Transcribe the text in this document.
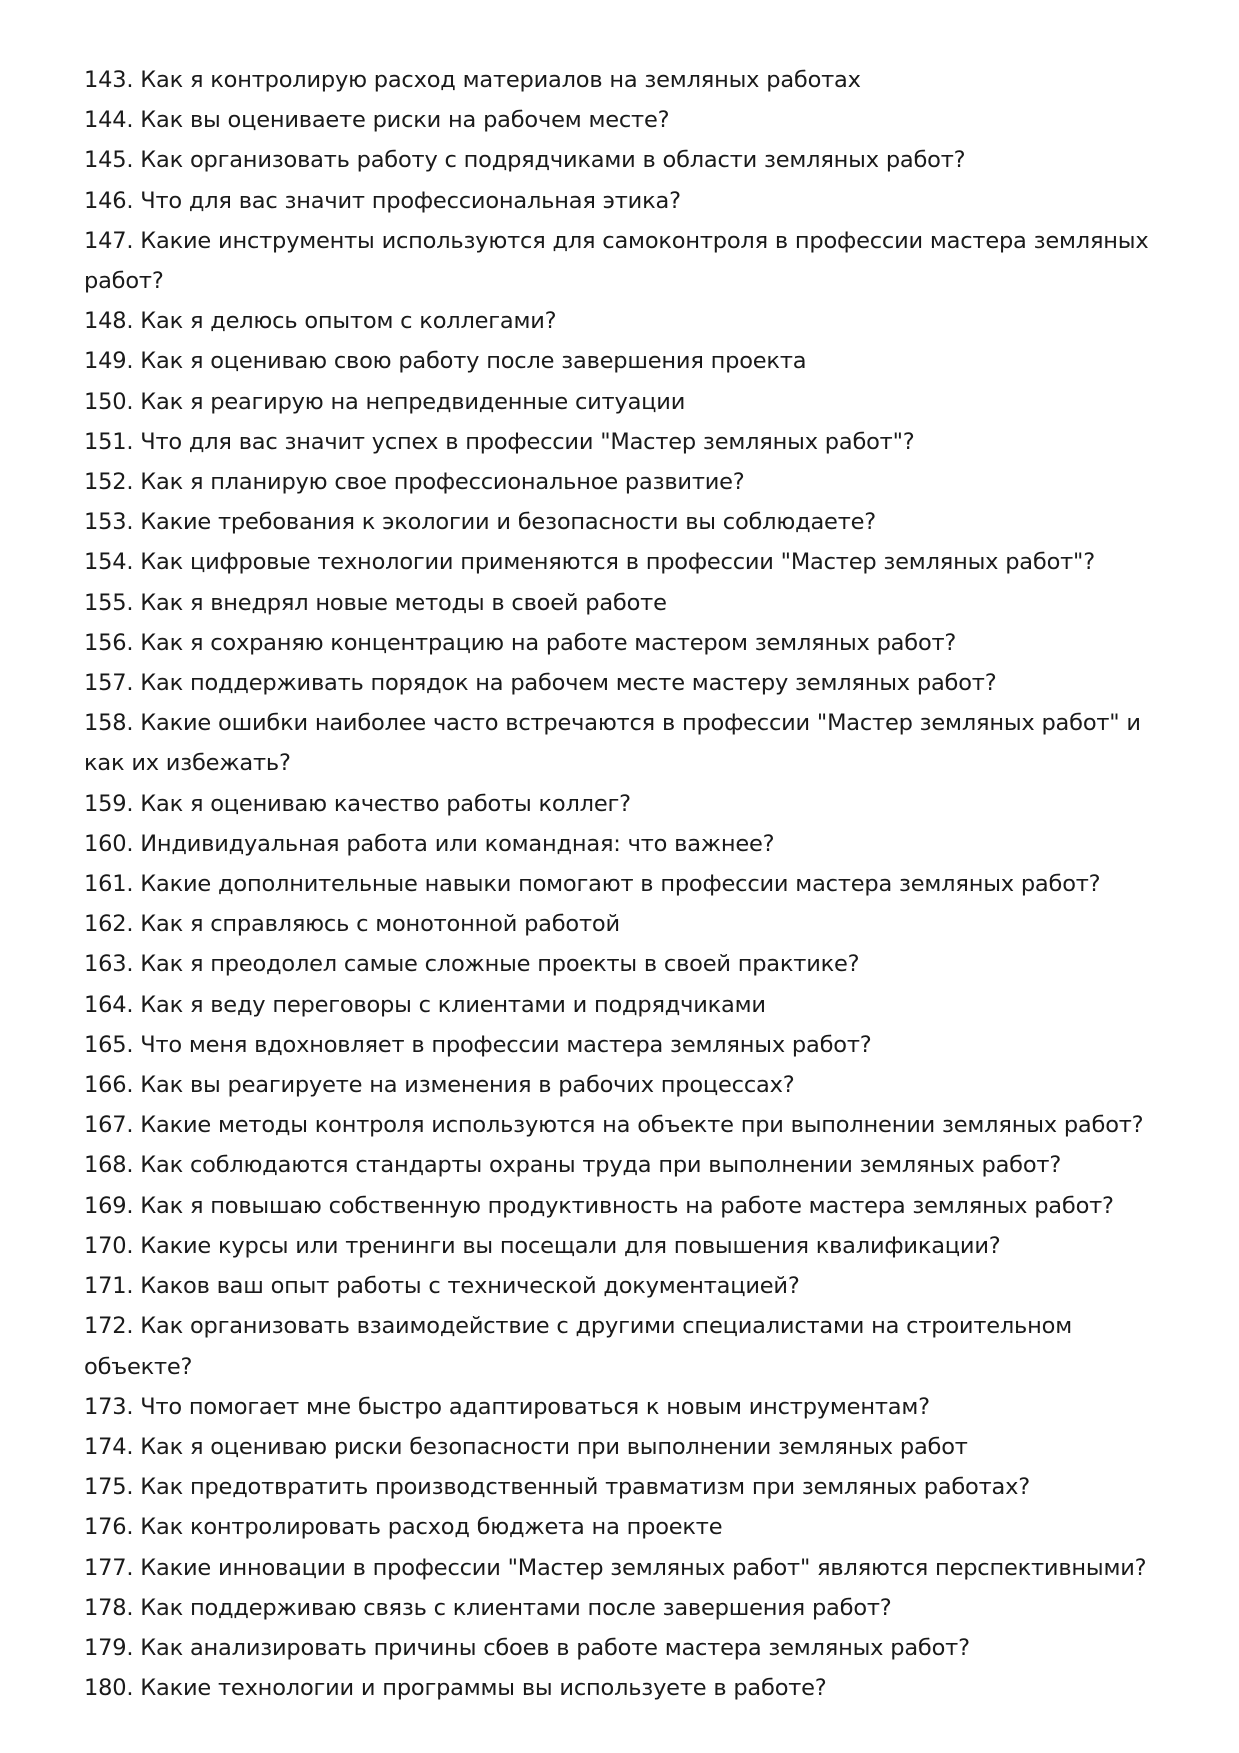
143. Как я контролирую расход материалов на земляных работах

144. Как вы оцениваете риски на рабочем месте?

145. Как организовать работу с подрядчиками в области земляных работ?

146. Что для вас значит профессиональная этика?

147. Какие инструменты используются для самоконтроля в профессии мастера земляных работ?

148. Как я делюсь опытом с коллегами?

149. Как я оцениваю свою работу после завершения проекта

150. Как я реагирую на непредвиденные ситуации

151. Что для вас значит успех в профессии "Мастер земляных работ"?

152. Как я планирую свое профессиональное развитие?

153. Какие требования к экологии и безопасности вы соблюдаете?

154. Как цифровые технологии применяются в профессии "Мастер земляных работ"?

155. Как я внедрял новые методы в своей работе

156. Как я сохраняю концентрацию на работе мастером земляных работ?

157. Как поддерживать порядок на рабочем месте мастеру земляных работ?

158. Какие ошибки наиболее часто встречаются в профессии "Мастер земляных работ" и как их избежать?

159. Как я оцениваю качество работы коллег?

160. Индивидуальная работа или командная: что важнее?

161. Какие дополнительные навыки помогают в профессии мастера земляных работ?

162. Как я справляюсь с монотонной работой

163. Как я преодолел самые сложные проекты в своей практике?

164. Как я веду переговоры с клиентами и подрядчиками

165. Что меня вдохновляет в профессии мастера земляных работ?

166. Как вы реагируете на изменения в рабочих процессах?

167. Какие методы контроля используются на объекте при выполнении земляных работ?

168. Как соблюдаются стандарты охраны труда при выполнении земляных работ?

169. Как я повышаю собственную продуктивность на работе мастера земляных работ?

170. Какие курсы или тренинги вы посещали для повышения квалификации?

171. Каков ваш опыт работы с технической документацией?

172. Как организовать взаимодействие с другими специалистами на строительном объекте?

173. Что помогает мне быстро адаптироваться к новым инструментам?

174. Как я оцениваю риски безопасности при выполнении земляных работ

175. Как предотвратить производственный травматизм при земляных работах?

176. Как контролировать расход бюджета на проекте

177. Какие инновации в профессии "Мастер земляных работ" являются перспективными?

178. Как поддерживаю связь с клиентами после завершения работ?

179. Как анализировать причины сбоев в работе мастера земляных работ?

180. Какие технологии и программы вы используете в работе?
